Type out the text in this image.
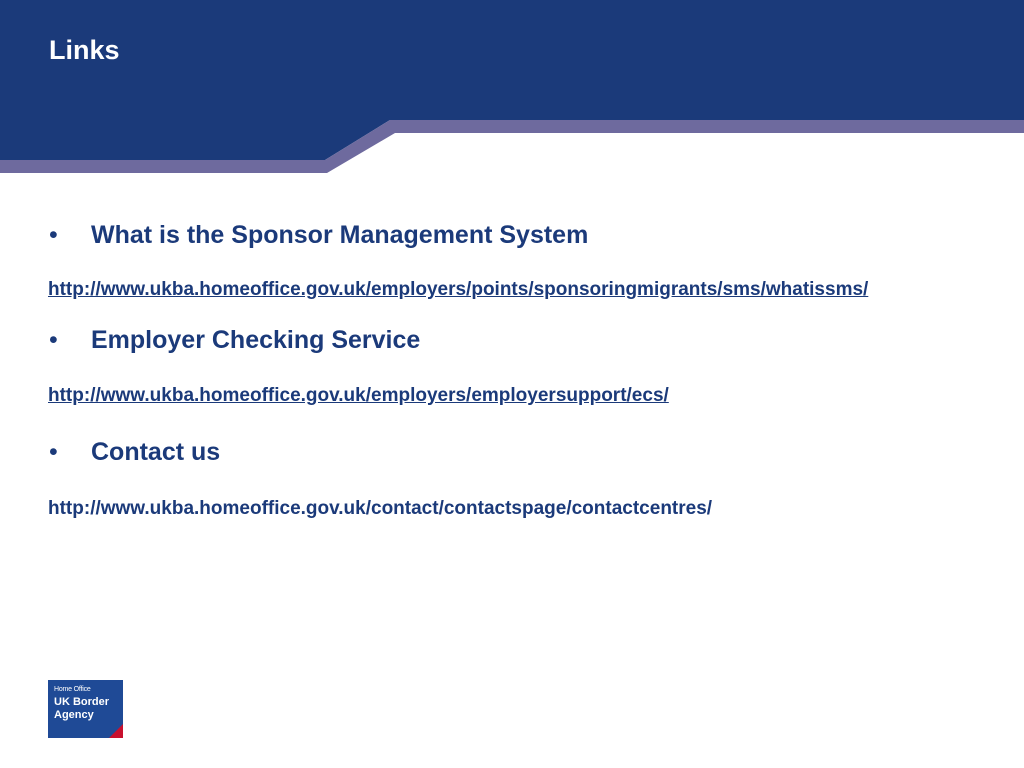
Links
• What is the Sponsor Management System
http://www.ukba.homeoffice.gov.uk/employers/points/sponsoringmigrants/sms/whatissms/
• Employer Checking Service
http://www.ukba.homeoffice.gov.uk/employers/employersupport/ecs/
• Contact us
http://www.ukba.homeoffice.gov.uk/contact/contactspage/contactcentres/
Home Office
UK Border
Agency
